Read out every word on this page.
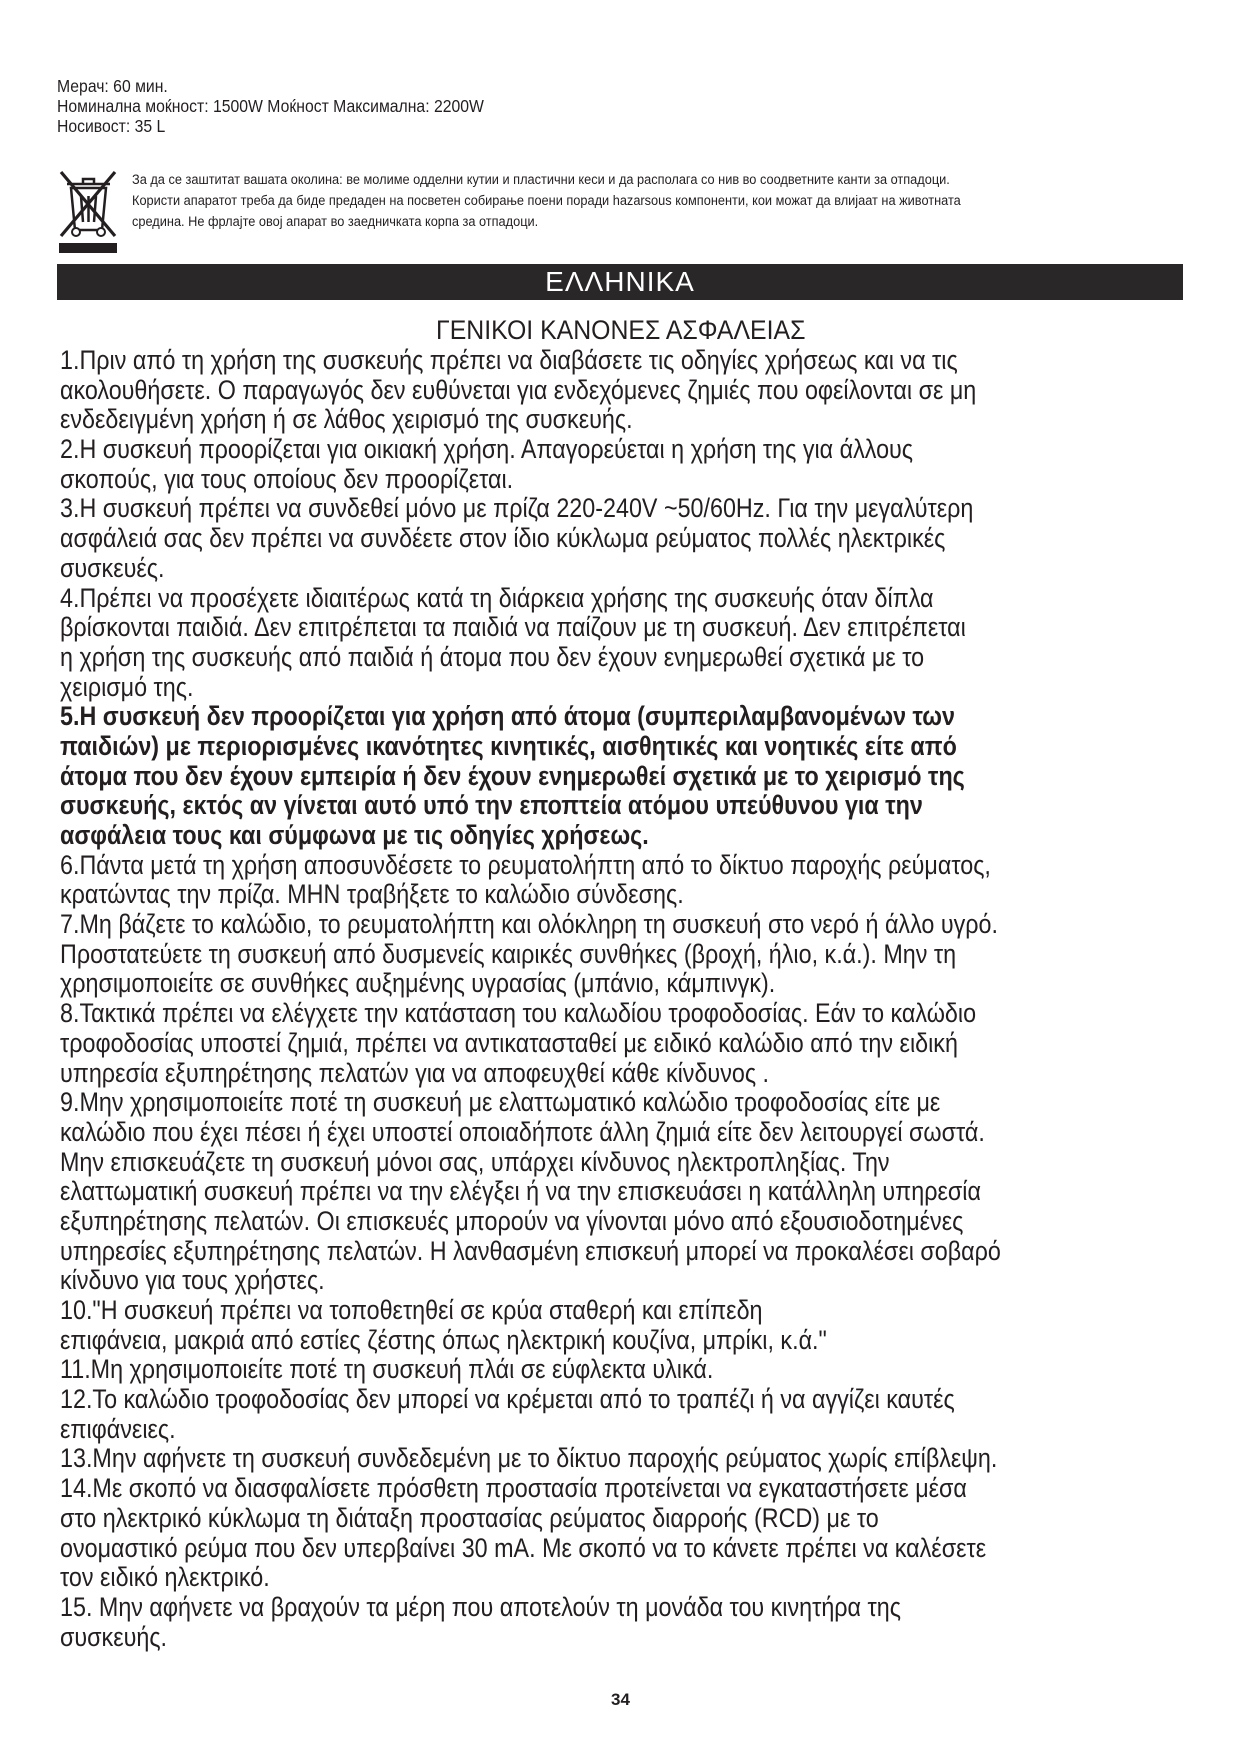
Мерач: 60 мин.
Номинална моќност: 1500W Моќност Максимална: 2200W
Носивост: 35 L
За да се заштитат вашата околина: ве молиме одделни кутии и пластични кеси и да располага со нив во соодветните канти за отпадоци.
Користи апаратот треба да биде предаден на посветен собирање поени поради hazarsous компоненти, кои можат да влијаат на животната
средина. Не фрлајте овој апарат во заедничката корпа за отпадоци.
ΕΛΛΗΝΙΚΑ
ΓΕΝΙΚΟΙ ΚΑΝΟΝΕΣ ΑΣΦΑΛΕΙΑΣ
1.Πριν από τη χρήση της συσκευής πρέπει να διαβάσετε τις οδηγίες χρήσεως και να τις
ακολουθήσετε. Ο παραγωγός δεν ευθύνεται για ενδεχόμενες ζημιές που οφείλονται σε μη
ενδεδειγμένη χρήση ή σε λάθος χειρισμό της συσκευής.
2.Η συσκευή προορίζεται για οικιακή χρήση. Απαγορεύεται η χρήση της για άλλους
σκοπούς, για τους οποίους δεν προορίζεται.
3.Η συσκευή πρέπει να συνδεθεί μόνο με πρίζα 220-240V ~50/60Hz. Για την μεγαλύτερη
ασφάλειά σας δεν πρέπει να συνδέετε στον ίδιο κύκλωμα ρεύματος πολλές ηλεκτρικές
συσκευές.
4.Πρέπει να προσέχετε ιδιαιτέρως κατά τη διάρκεια χρήσης της συσκευής όταν δίπλα
βρίσκονται παιδιά. Δεν επιτρέπεται τα παιδιά να παίζουν με τη συσκευή. Δεν επιτρέπεται
η χρήση της συσκευής από παιδιά ή άτομα που δεν έχουν ενημερωθεί σχετικά με το
χειρισμό της.
5.Η συσκευή δεν προορίζεται για χρήση από άτομα (συμπεριλαμβανομένων των
παιδιών) με περιορισμένες ικανότητες κινητικές, αισθητικές και νοητικές είτε από
άτομα που δεν έχουν εμπειρία ή δεν έχουν ενημερωθεί σχετικά με το χειρισμό της
συσκευής, εκτός αν γίνεται αυτό υπό την εποπτεία ατόμου υπεύθυνου για την
ασφάλεια τους και σύμφωνα με τις οδηγίες χρήσεως.
6.Πάντα μετά τη χρήση αποσυνδέσετε το ρευματολήπτη από το δίκτυο παροχής ρεύματος,
κρατώντας την πρίζα. ΜΗΝ τραβήξετε το καλώδιο σύνδεσης.
7.Μη βάζετε το καλώδιο, το ρευματολήπτη και ολόκληρη τη συσκευή στο νερό ή άλλο υγρό.
Προστατεύετε τη συσκευή από δυσμενείς καιρικές συνθήκες (βροχή, ήλιο, κ.ά.). Μην τη
χρησιμοποιείτε σε συνθήκες αυξημένης υγρασίας (μπάνιο, κάμπινγκ).
8.Τακτικά πρέπει να ελέγχετε την κατάσταση του καλωδίου τροφοδοσίας. Εάν το καλώδιο
τροφοδοσίας υποστεί ζημιά, πρέπει να αντικατασταθεί με ειδικό καλώδιο από την ειδική
υπηρεσία εξυπηρέτησης πελατών για να αποφευχθεί κάθε κίνδυνος .
9.Μην χρησιμοποιείτε ποτέ τη συσκευή με ελαττωματικό καλώδιο τροφοδοσίας είτε με
καλώδιο που έχει πέσει ή έχει υποστεί οποιαδήποτε άλλη ζημιά είτε δεν λειτουργεί σωστά.
Μην επισκευάζετε τη συσκευή μόνοι σας, υπάρχει κίνδυνος ηλεκτροπληξίας. Την
ελαττωματική συσκευή πρέπει να την ελέγξει ή να την επισκευάσει η κατάλληλη υπηρεσία
εξυπηρέτησης πελατών. Οι επισκευές μπορούν να γίνονται μόνο από εξουσιοδοτημένες
υπηρεσίες εξυπηρέτησης πελατών. Η λανθασμένη επισκευή μπορεί να προκαλέσει σοβαρό
κίνδυνο για τους χρήστες.
10."Η συσκευή πρέπει να τοποθετηθεί σε κρύα σταθερή και επίπεδη
επιφάνεια, μακριά από εστίες ζέστης όπως ηλεκτρική κουζίνα, μπρίκι, κ.ά."
11.Μη χρησιμοποιείτε ποτέ τη συσκευή πλάι σε εύφλεκτα υλικά.
12.Το καλώδιο τροφοδοσίας δεν μπορεί να κρέμεται από το τραπέζι ή να αγγίζει καυτές
επιφάνειες.
13.Μην αφήνετε τη συσκευή συνδεδεμένη με το δίκτυο παροχής ρεύματος χωρίς επίβλεψη.
14.Με σκοπό να διασφαλίσετε πρόσθετη προστασία προτείνεται να εγκαταστήσετε μέσα
στο ηλεκτρικό κύκλωμα τη διάταξη προστασίας ρεύματος διαρροής (RCD) με το
ονομαστικό ρεύμα που δεν υπερβαίνει 30 mA. Με σκοπό να το κάνετε πρέπει να καλέσετε
τον ειδικό ηλεκτρικό.
15. Μην αφήνετε να βραχούν τα μέρη που αποτελούν τη μονάδα του κινητήρα της
συσκευής.
34
